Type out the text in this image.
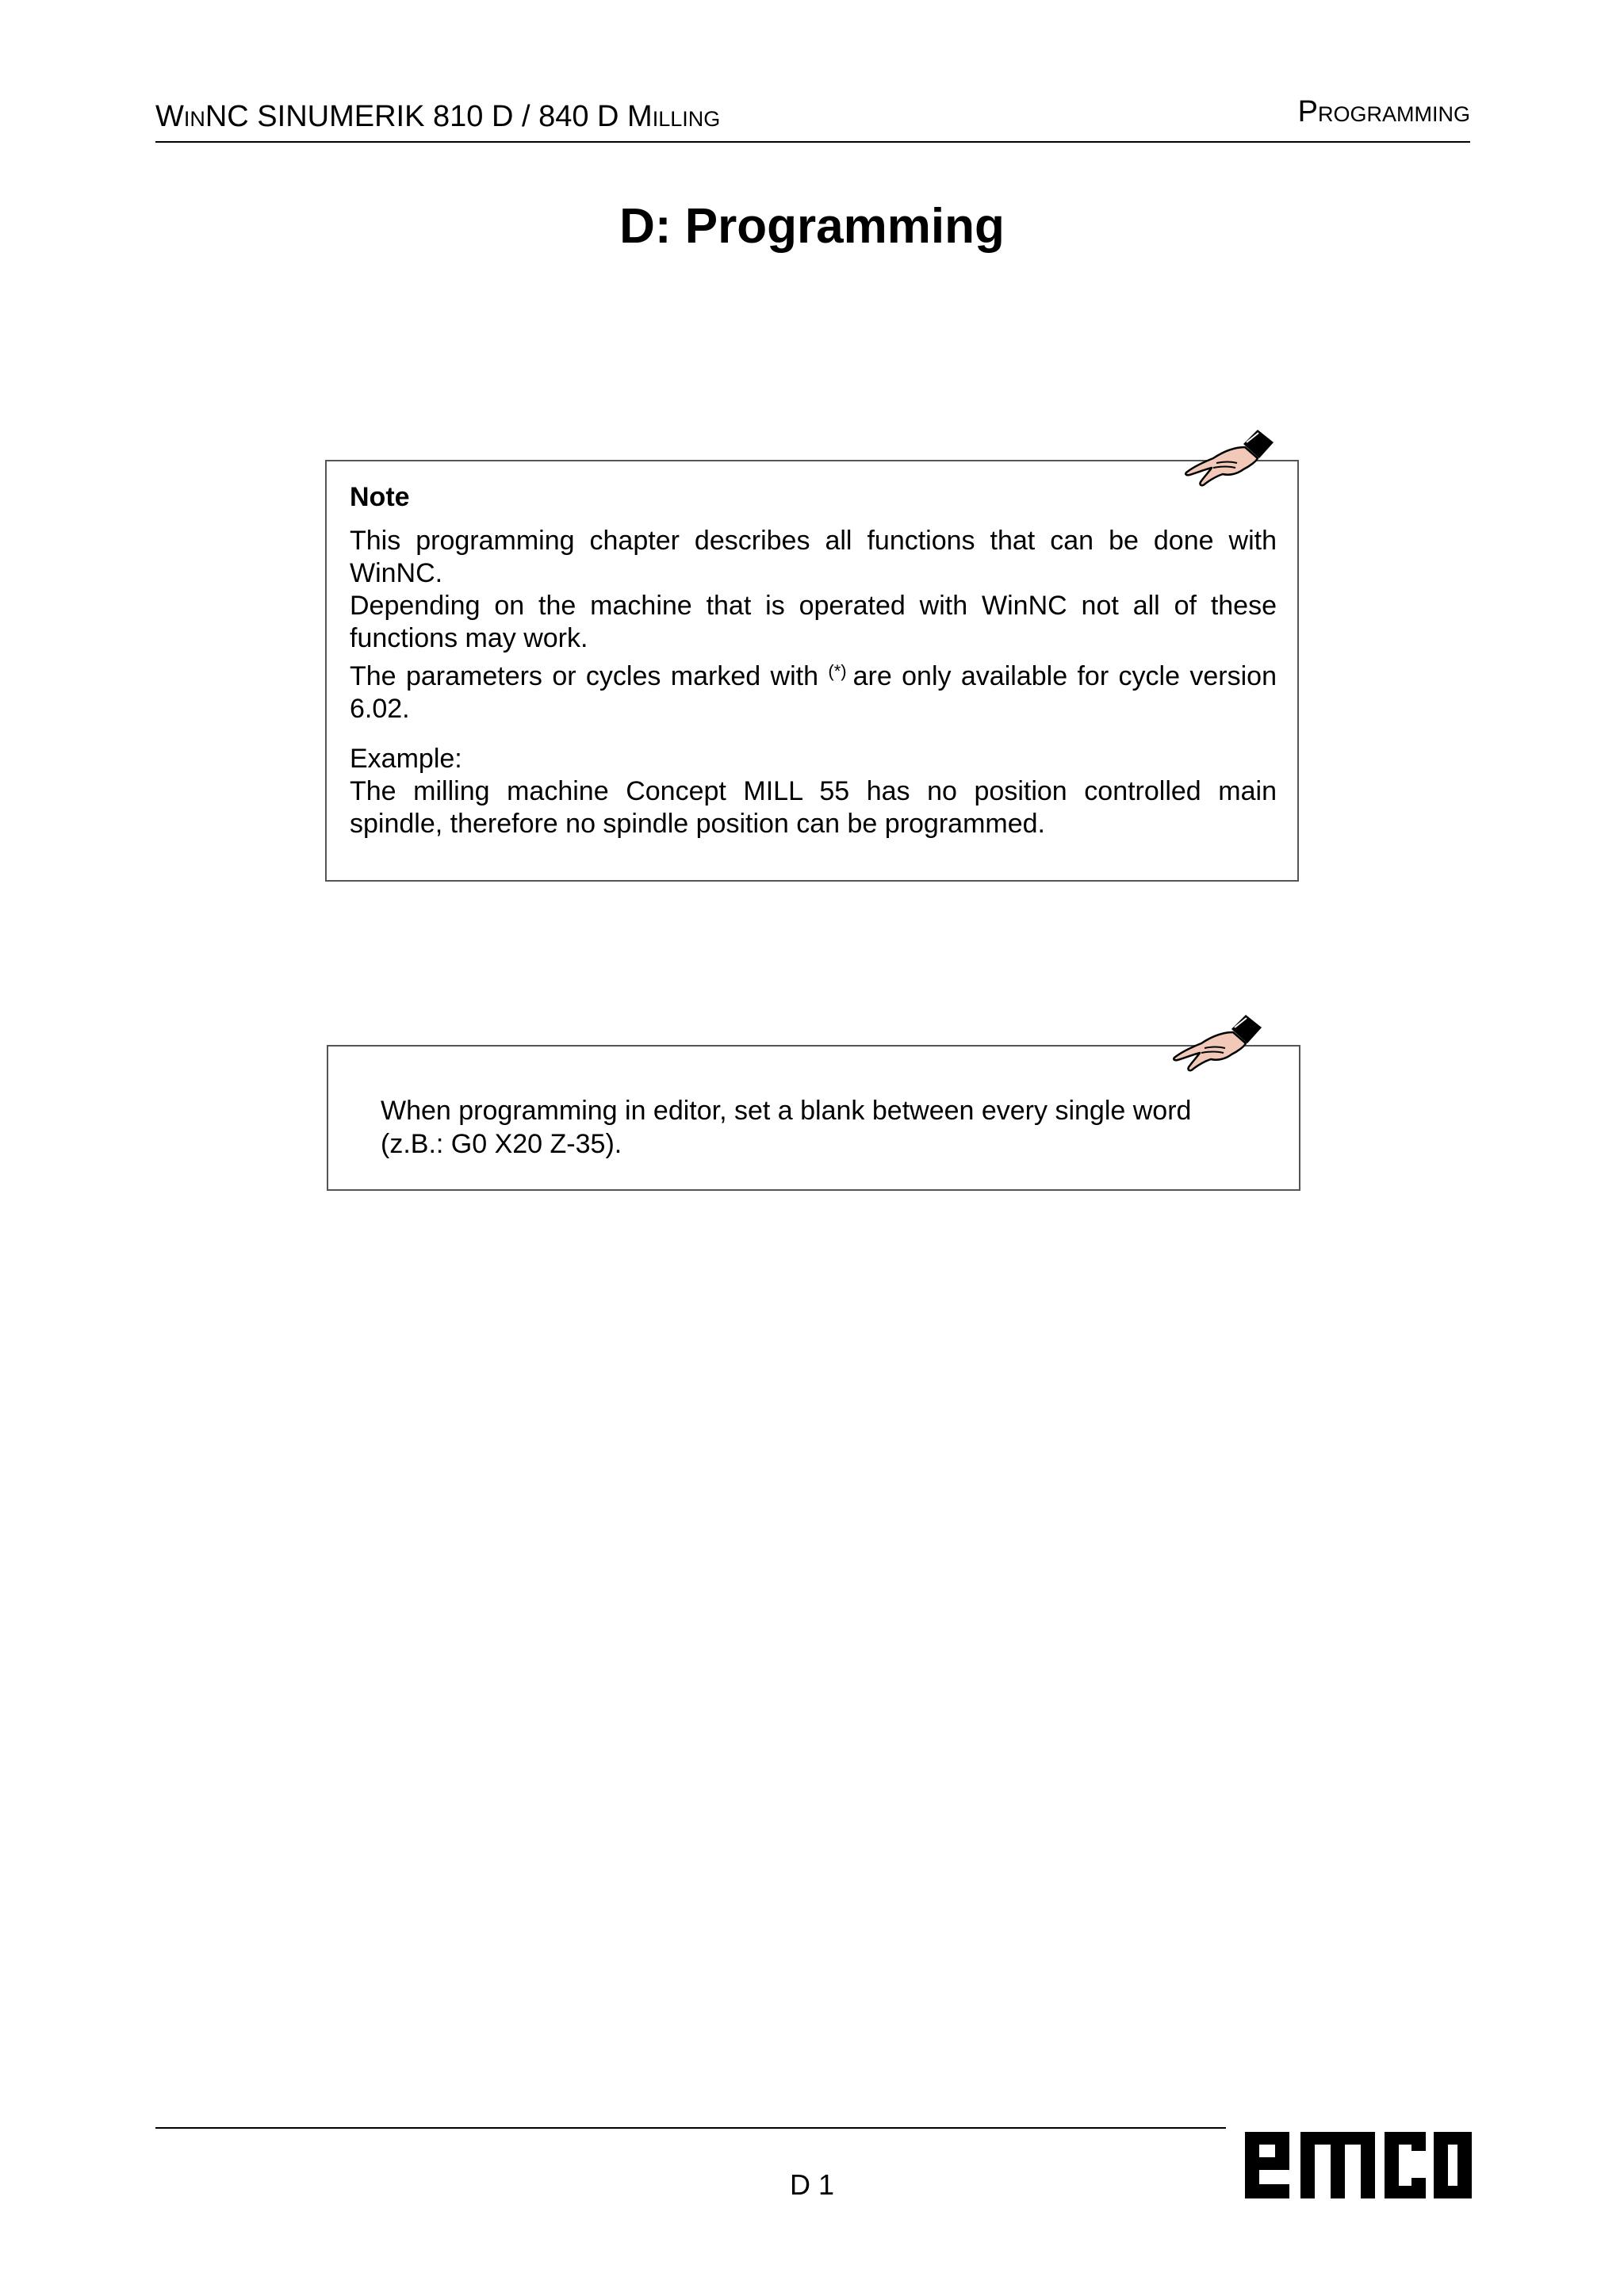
WinNC SINUMERIK 810 D / 840 D Milling	Programming
D: Programming
Note

This programming chapter describes all functions that can be done with WinNC.

Depending on the machine that is operated with WinNC not all of these functions may work.

The parameters or cycles marked with (*) are only available for cycle version 6.02.

Example:

The milling machine Concept MILL 55 has no position controlled main spindle, therefore no spindle position can be programmed.

When programming in editor, set a blank between every single word

(z.B.: G0 X20 Z-35).

D 1
